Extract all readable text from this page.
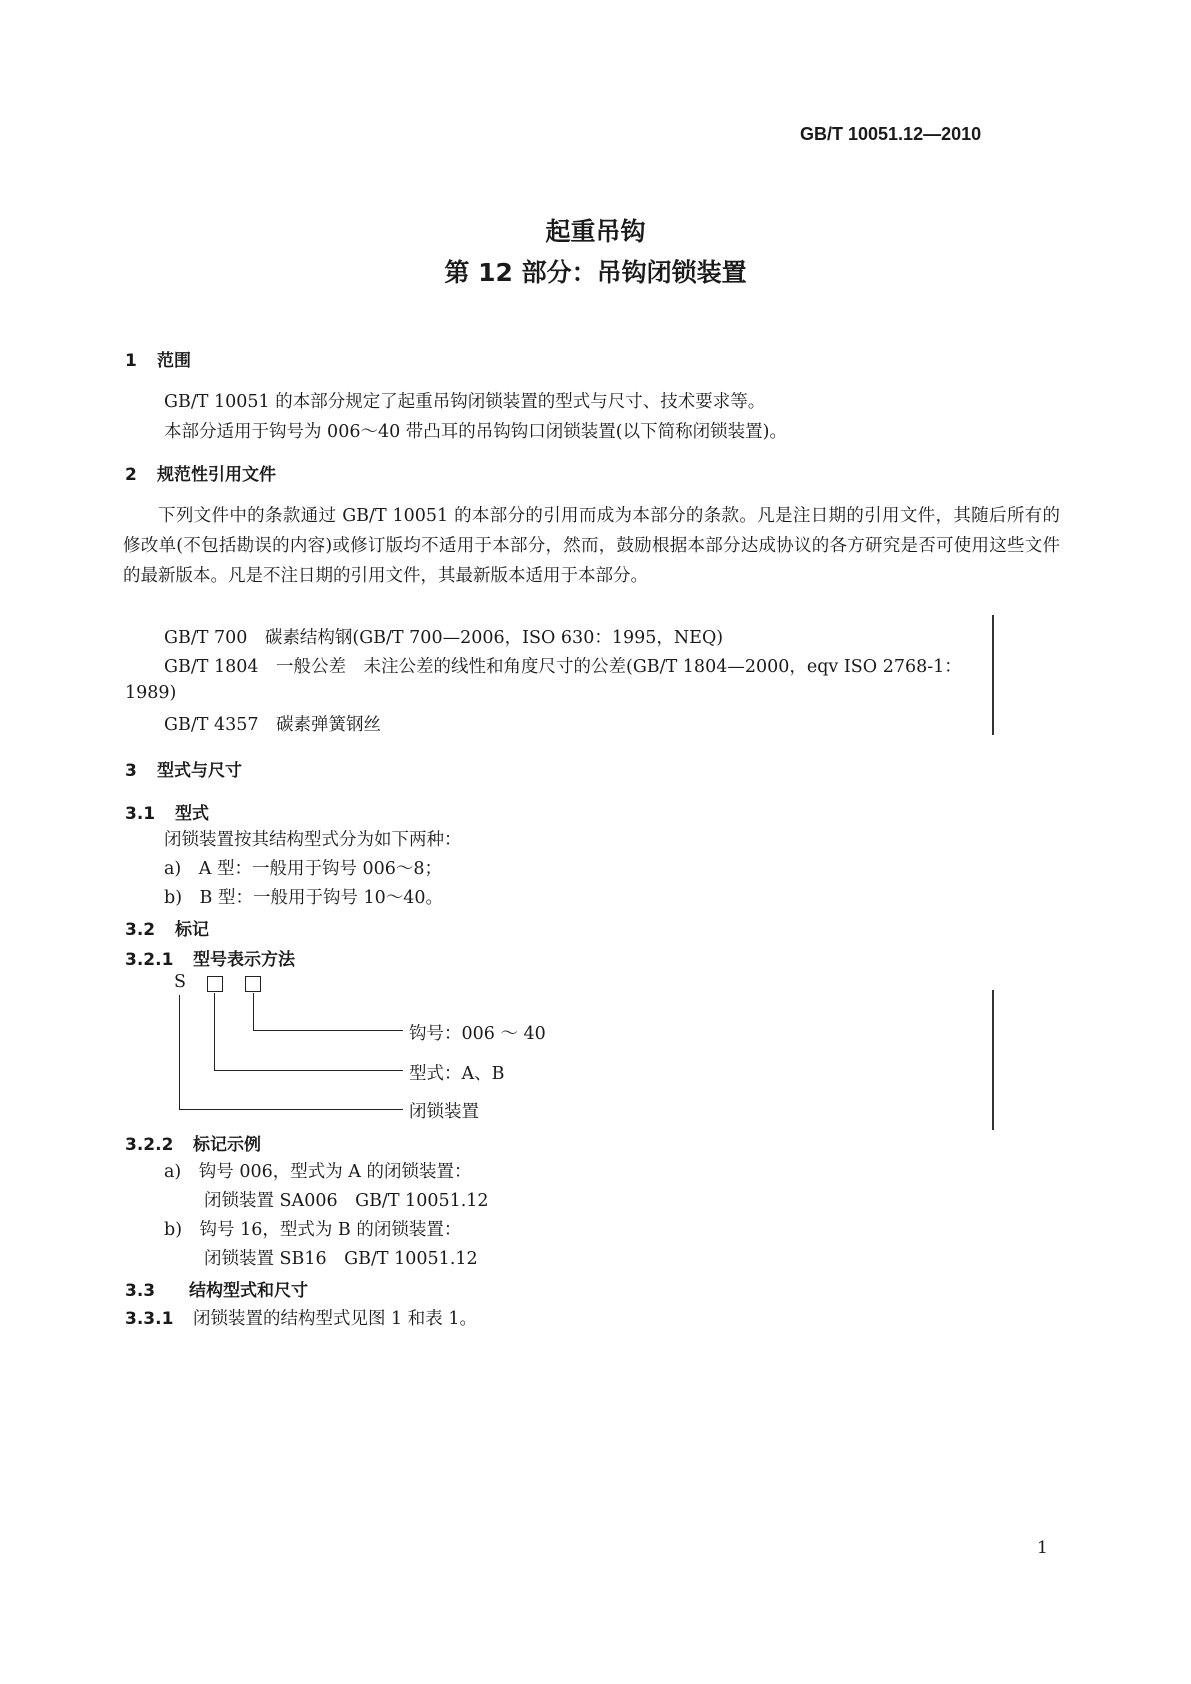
GB/T 10051.12—2010
起重吊钩
第 12 部分：吊钩闭锁装置
1 范围
GB/T 10051 的本部分规定了起重吊钩闭锁装置的型式与尺寸、技术要求等。
本部分适用于钩号为 006～40 带凸耳的吊钩钩口闭锁装置(以下简称闭锁装置)。
2 规范性引用文件
下列文件中的条款通过 GB/T 10051 的本部分的引用而成为本部分的条款。凡是注日期的引用文件，其随后所有的修改单(不包括勘误的内容)或修订版均不适用于本部分，然而，鼓励根据本部分达成协议的各方研究是否可使用这些文件的最新版本。凡是不注日期的引用文件，其最新版本适用于本部分。
GB/T 700　碳素结构钢(GB/T 700—2006，ISO 630：1995，NEQ)
GB/T 1804　一般公差　未注公差的线性和角度尺寸的公差(GB/T 1804—2000，eqv ISO 2768-1：
1989)
GB/T 4357　碳素弹簧钢丝
3 型式与尺寸
3.1 型式
闭锁装置按其结构型式分为如下两种：
a)　A 型：一般用于钩号 006～8；
b)　B 型：一般用于钩号 10～40。
3.2 标记
3.2.1 型号表示方法
S
钩号：006 ～ 40
型式：A、B
闭锁装置
3.2.2 标记示例
a)　钩号 006，型式为 A 的闭锁装置：
闭锁装置 SA006　GB/T 10051.12
b)　钩号 16，型式为 B 的闭锁装置：
闭锁装置 SB16　GB/T 10051.12
3.3 结构型式和尺寸
3.3.1 闭锁装置的结构型式见图 1 和表 1。
1
